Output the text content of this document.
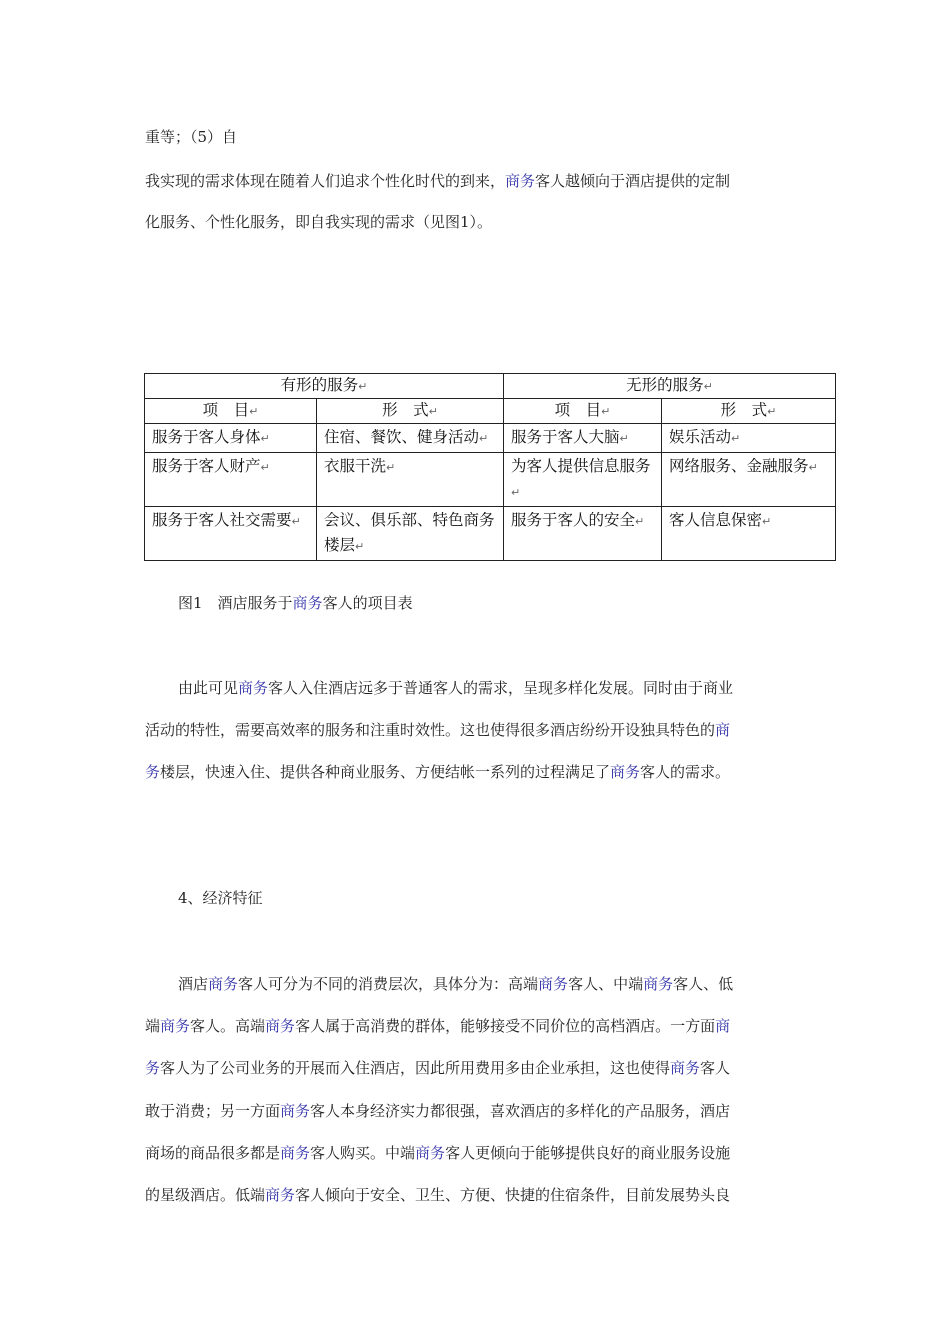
重等；（5）自
我实现的需求体现在随着人们追求个性化时代的到来，商务客人越倾向于酒店提供的定制
化服务、个性化服务，即自我实现的需求（见图1）。
有形的服务↵		无形的服务↵	
项　目↵	形　式↵	项　目↵	形　式↵
服务于客人身体↵	住宿、餐饮、健身活动↵	服务于客人大脑↵	娱乐活动↵
服务于客人财产↵	衣服干洗↵	为客人提供信息服务↵	网络服务、金融服务↵
服务于客人社交需要↵	会议、俱乐部、特色商务楼层↵	服务于客人的安全↵	客人信息保密↵
图1　酒店服务于商务客人的项目表
由此可见商务客人入住酒店远多于普通客人的需求，呈现多样化发展。同时由于商业
活动的特性，需要高效率的服务和注重时效性。这也使得很多酒店纷纷开设独具特色的商
务楼层，快速入住、提供各种商业服务、方便结帐一系列的过程满足了商务客人的需求。
4、经济特征
酒店商务客人可分为不同的消费层次，具体分为：高端商务客人、中端商务客人、低
端商务客人。高端商务客人属于高消费的群体，能够接受不同价位的高档酒店。一方面商
务客人为了公司业务的开展而入住酒店，因此所用费用多由企业承担，这也使得商务客人
敢于消费；另一方面商务客人本身经济实力都很强，喜欢酒店的多样化的产品服务，酒店
商场的商品很多都是商务客人购买。中端商务客人更倾向于能够提供良好的商业服务设施
的星级酒店。低端商务客人倾向于安全、卫生、方便、快捷的住宿条件，目前发展势头良
